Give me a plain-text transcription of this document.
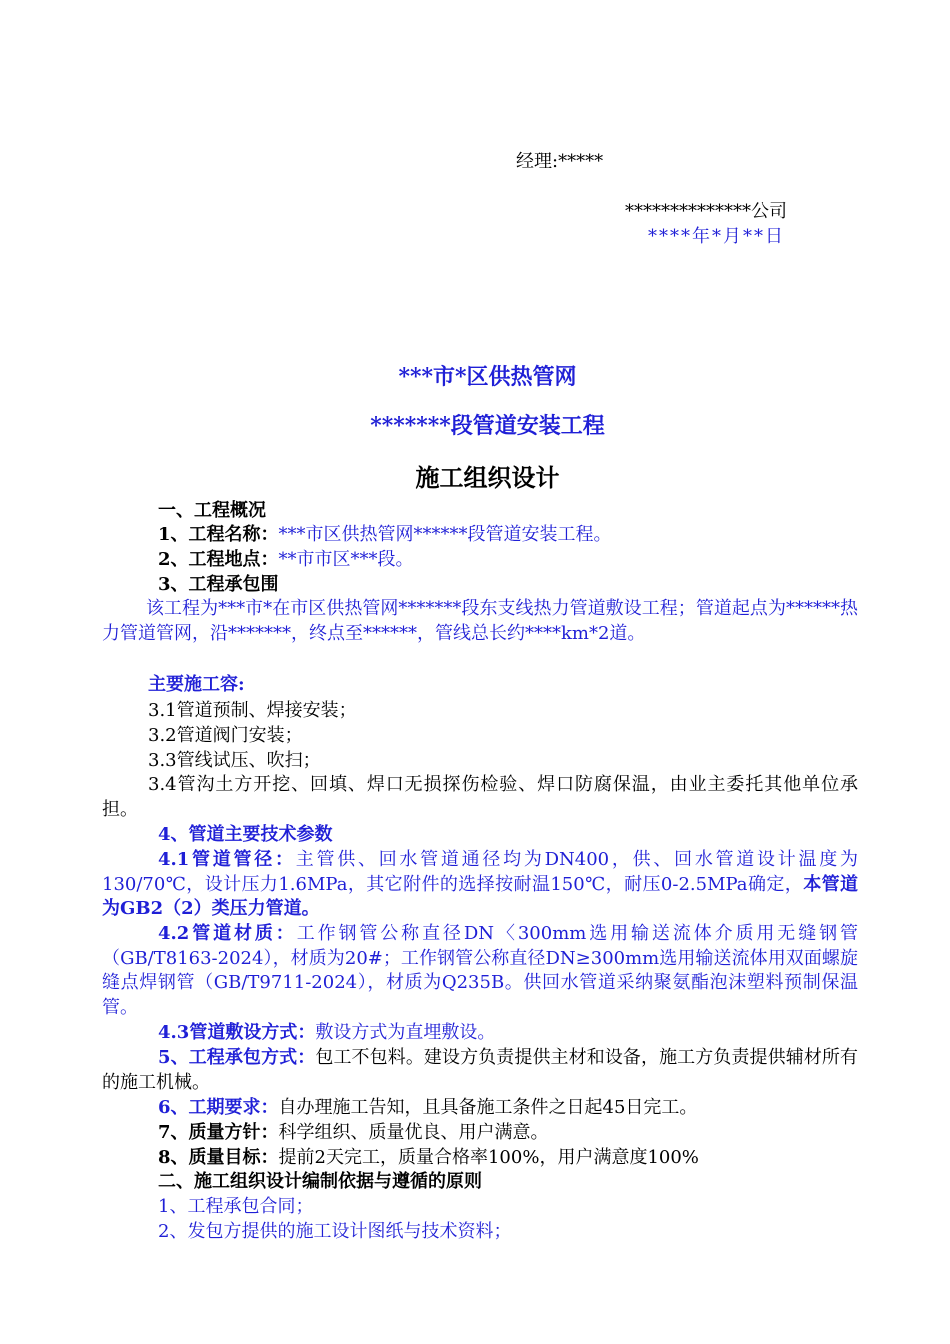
经理:*****
**************公司
****年*月**日
***市*区供热管网
*******段管道安装工程
施工组织设计
一、工程概况
1、工程名称：***市区供热管网******段管道安装工程。
2、工程地点：**市市区***段。
3、工程承包围
该工程为***市*在市区供热管网*******段东支线热力管道敷设工程；管道起点为******热力管道管网，沿*******，终点至******，管线总长约****km*2道。
主要施工容:
3.1管道预制、焊接安装；
3.2管道阀门安装；
3.3管线试压、吹扫；
3.4管沟土方开挖、回填、焊口无损探伤检验、焊口防腐保温，由业主委托其他单位承担。
4、管道主要技术参数
4.1管道管径：主管供、回水管道通径均为DN400，供、回水管道设计温度为130/70℃，设计压力1.6MPa，其它附件的选择按耐温150℃，耐压0-2.5MPa确定，本管道为GB2（2）类压力管道。
4.2管道材质：工作钢管公称直径DN〈300mm选用输送流体介质用无缝钢管（GB/T8163-2024），材质为20#；工作钢管公称直径DN≥300mm选用输送流体用双面螺旋缝点焊钢管（GB/T9711-2024），材质为Q235B。供回水管道采纳聚氨酯泡沫塑料预制保温管。
4.3管道敷设方式：敷设方式为直埋敷设。
5、工程承包方式：包工不包料。建设方负责提供主材和设备，施工方负责提供辅材所有的施工机械。
6、工期要求：自办理施工告知，且具备施工条件之日起45日完工。
7、质量方针：科学组织、质量优良、用户满意。
8、质量目标：提前2天完工，质量合格率100%，用户满意度100%
二、施工组织设计编制依据与遵循的原则
1、工程承包合同；
2、发包方提供的施工设计图纸与技术资料；
